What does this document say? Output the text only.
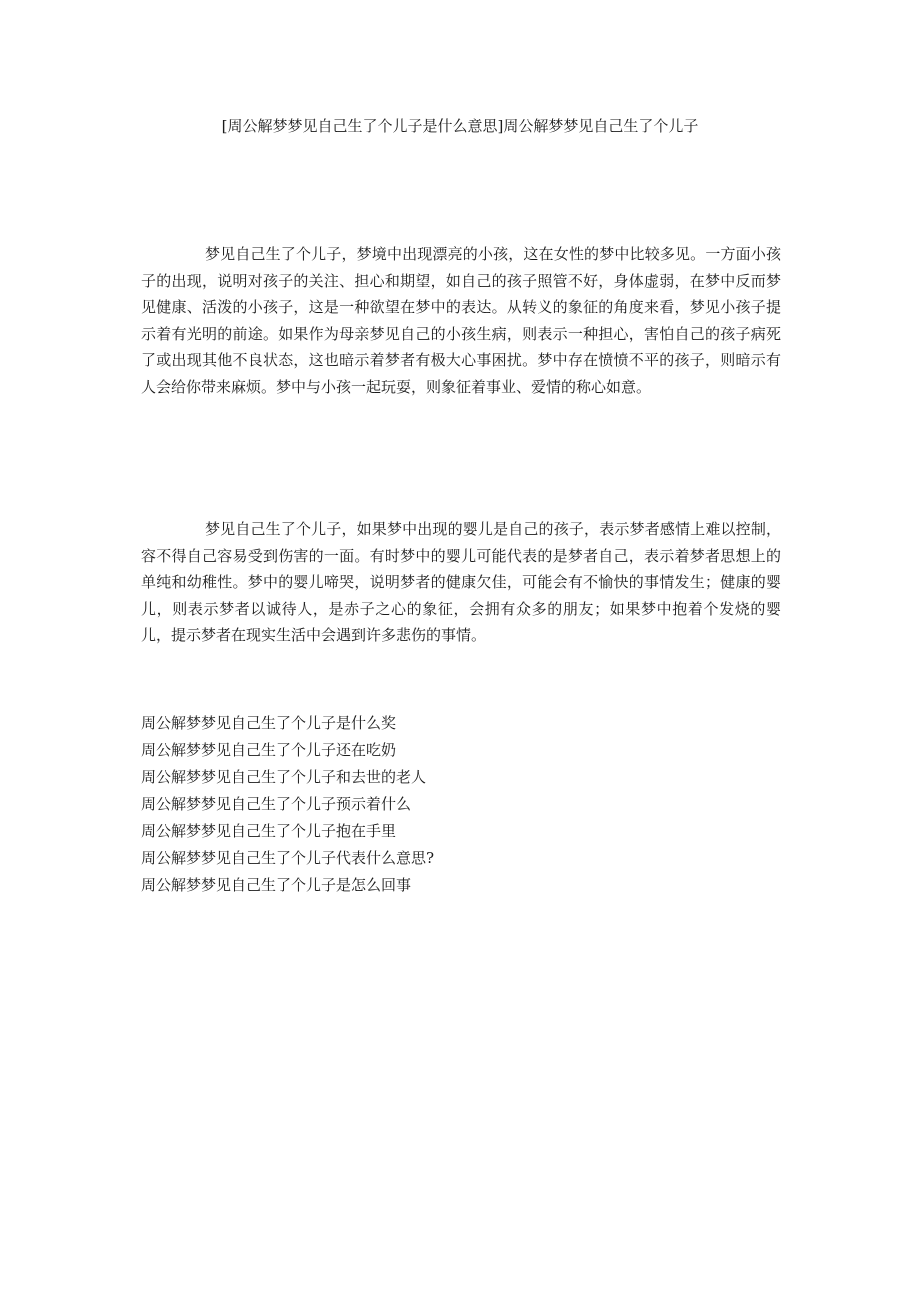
[周公解梦梦见自己生了个儿子是什么意思]周公解梦梦见自己生了个儿子

梦见自己生了个儿子，梦境中出现漂亮的小孩，这在女性的梦中比较多见。一方面小孩子的出现，说明对孩子的关注、担心和期望，如自己的孩子照管不好，身体虚弱，在梦中反而梦见健康、活泼的小孩子，这是一种欲望在梦中的表达。从转义的象征的角度来看，梦见小孩子提示着有光明的前途。如果作为母亲梦见自己的小孩生病，则表示一种担心，害怕自己的孩子病死了或出现其他不良状态，这也暗示着梦者有极大心事困扰。梦中存在愤愤不平的孩子，则暗示有人会给你带来麻烦。梦中与小孩一起玩耍，则象征着事业、爱情的称心如意。

梦见自己生了个儿子，如果梦中出现的婴儿是自己的孩子，表示梦者感情上难以控制，容不得自己容易受到伤害的一面。有时梦中的婴儿可能代表的是梦者自己，表示着梦者思想上的单纯和幼稚性。梦中的婴儿啼哭，说明梦者的健康欠佳，可能会有不愉快的事情发生；健康的婴儿，则表示梦者以诚待人，是赤子之心的象征，会拥有众多的朋友；如果梦中抱着个发烧的婴儿，提示梦者在现实生活中会遇到许多悲伤的事情。

周公解梦梦见自己生了个儿子是什么奖
周公解梦梦见自己生了个儿子还在吃奶
周公解梦梦见自己生了个儿子和去世的老人
周公解梦梦见自己生了个儿子预示着什么
周公解梦梦见自己生了个儿子抱在手里
周公解梦梦见自己生了个儿子代表什么意思?
周公解梦梦见自己生了个儿子是怎么回事
